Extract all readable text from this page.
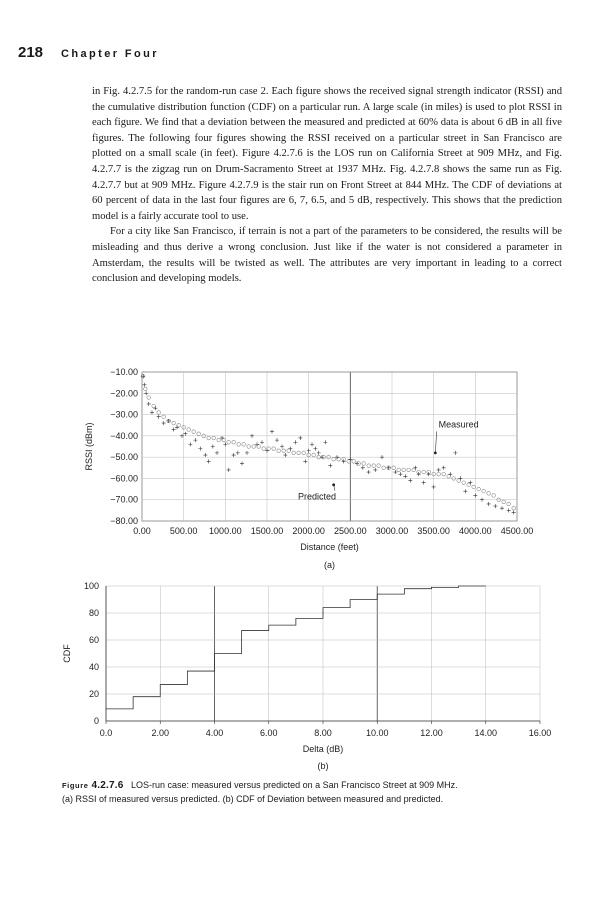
218 Chapter Four

in Fig. 4.2.7.5 for the random-run case 2. Each figure shows the received signal strength indicator (RSSI) and the cumulative distribution function (CDF) on a particular run. A large scale (in miles) is used to plot RSSI in each figure. We find that a deviation between the measured and predicted at 60% data is about 6 dB in all five figures. The following four figures showing the RSSI received on a particular street in San Francisco are plotted on a small scale (in feet). Figure 4.2.7.6 is the LOS run on California Street at 909 MHz, and Fig. 4.2.7.7 is the zigzag run on Drum-Sacramento Street at 1937 MHz. Fig. 4.2.7.8 shows the same run as Fig. 4.2.7.7 but at 909 MHz. Figure 4.2.7.9 is the stair run on Front Street at 844 MHz. The CDF of deviations at 60 percent of data in the last four figures are 6, 7, 6.5, and 5 dB, respectively. This shows that the prediction model is a fairly accurate tool to use.

For a city like San Francisco, if terrain is not a part of the parameters to be considered, the results will be misleading and thus derive a wrong conclusion. Just like if the water is not considered a parameter in Amsterdam, the results will be twisted as well. The attributes are very important in leading to a correct conclusion and developing models.

0.00 500.00 1000.00 1500.00 2000.00 2500.00 3000.00 3500.00 4000.00 4500.00
−10.00
−20.00
−30.00
−40.00
−50.00
−60.00
−70.00
−80.00
Distance (feet)
RSSI (dBm)
(a)
Measured
Predicted
0.0	2.00	4.00	6.00	8.00	10.00	12.00	14.00	16.00
100
80
60
40
20
0
Delta (dB)
CDF
(b)
Figure 4.2.7.6 LOS-run case: measured versus predicted on a San Francisco Street at 909 MHz.
(a) RSSI of measured versus predicted. (b) CDF of Deviation between measured and predicted.
